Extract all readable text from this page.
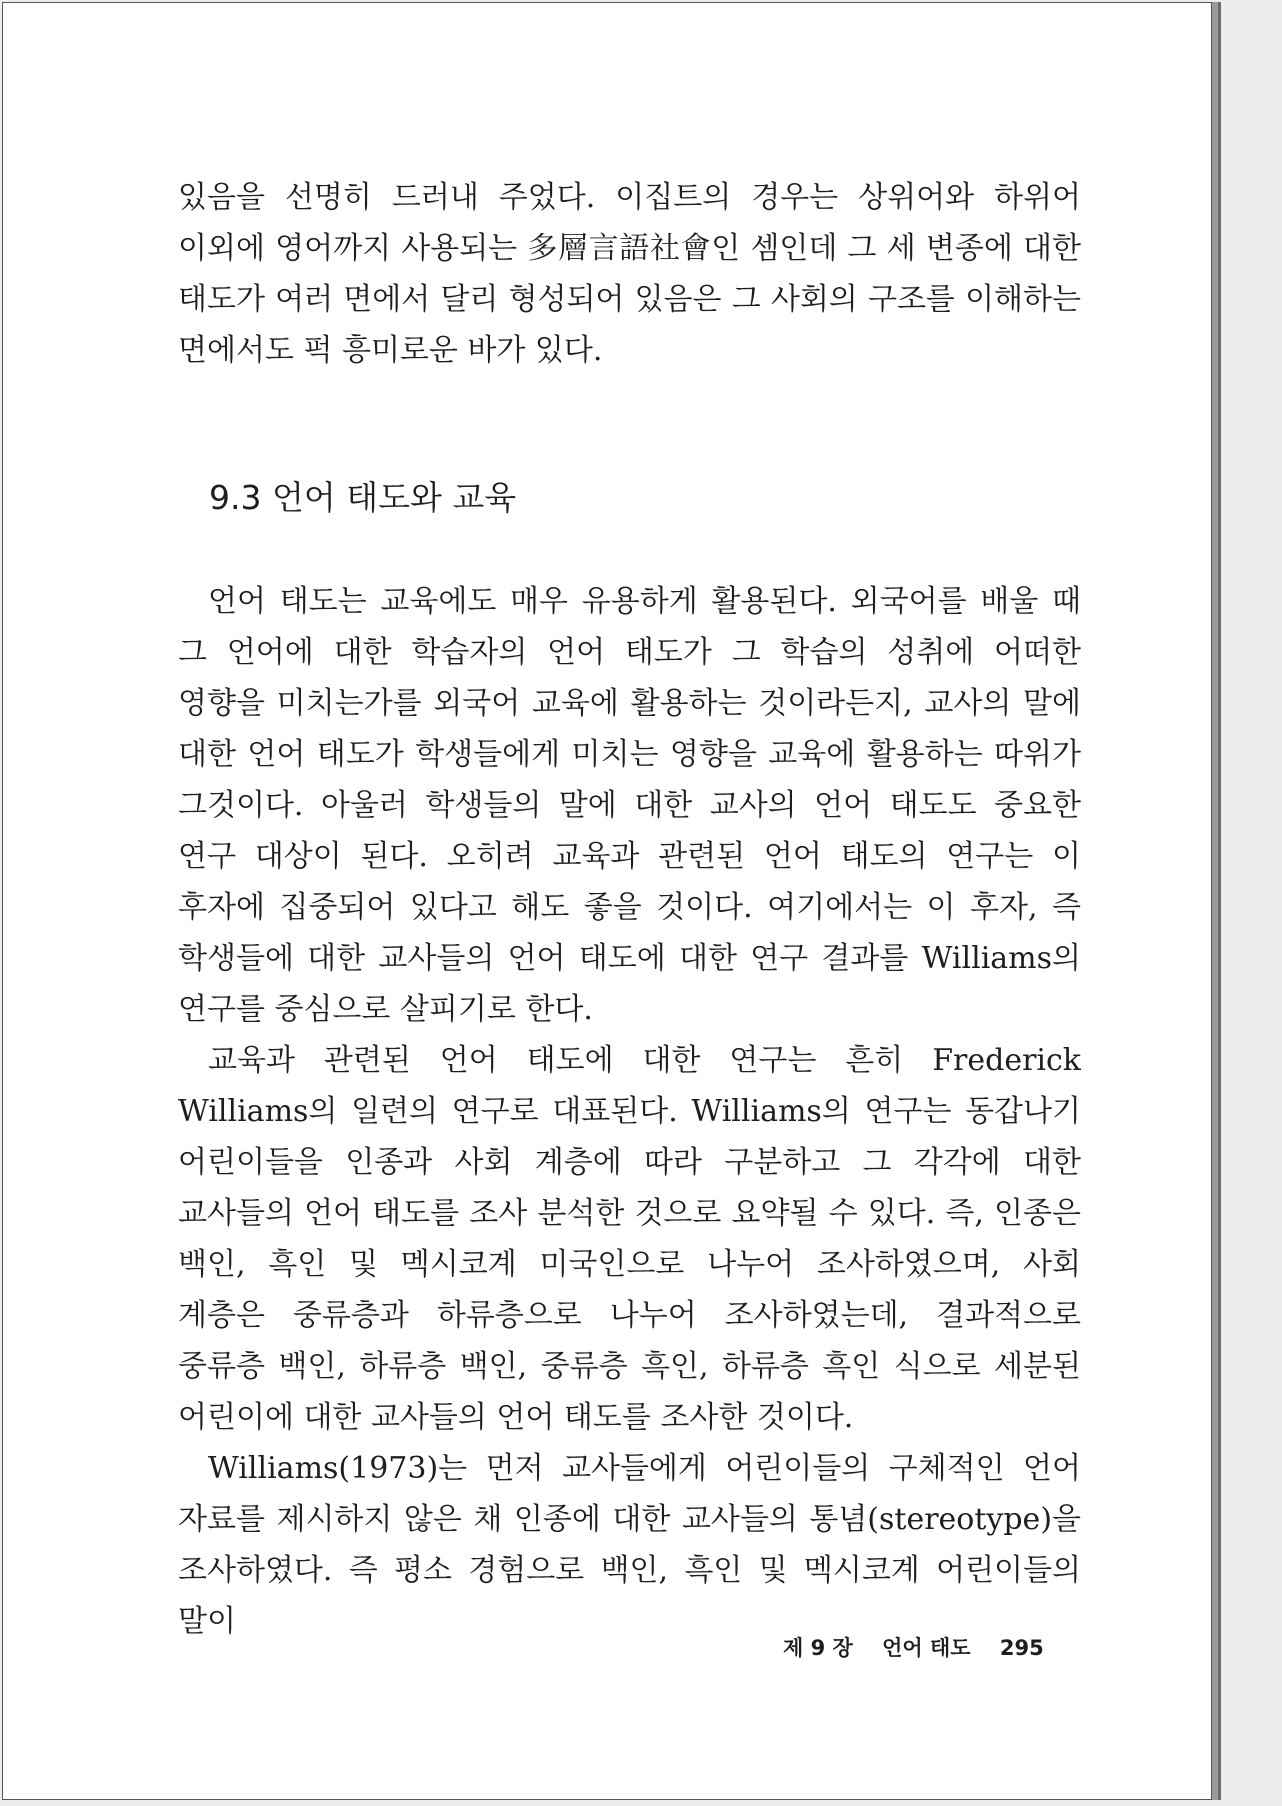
있음을 선명히 드러내 주었다. 이집트의 경우는 상위어와 하위어 이외에 영어까지 사용되는 多層言語社會인 셈인데 그 세 변종에 대한 태도가 여러 면에서 달리 형성되어 있음은 그 사회의 구조를 이해하는 면에서도 퍽 흥미로운 바가 있다.

9.3 언어 태도와 교육

언어 태도는 교육에도 매우 유용하게 활용된다. 외국어를 배울 때 그 언어에 대한 학습자의 언어 태도가 그 학습의 성취에 어떠한 영향을 미치는가를 외국어 교육에 활용하는 것이라든지, 교사의 말에 대한 언어 태도가 학생들에게 미치는 영향을 교육에 활용하는 따위가 그것이다. 아울러 학생들의 말에 대한 교사의 언어 태도도 중요한 연구 대상이 된다. 오히려 교육과 관련된 언어 태도의 연구는 이 후자에 집중되어 있다고 해도 좋을 것이다. 여기에서는 이 후자, 즉 학생들에 대한 교사들의 언어 태도에 대한 연구 결과를 Williams의 연구를 중심으로 살피기로 한다.

교육과 관련된 언어 태도에 대한 연구는 흔히 Frederick Williams의 일련의 연구로 대표된다. Williams의 연구는 동갑나기 어린이들을 인종과 사회 계층에 따라 구분하고 그 각각에 대한 교사들의 언어 태도를 조사 분석한 것으로 요약될 수 있다. 즉, 인종은 백인, 흑인 및 멕시코계 미국인으로 나누어 조사하였으며, 사회 계층은 중류층과 하류층으로 나누어 조사하였는데, 결과적으로 중류층 백인, 하류층 백인, 중류층 흑인, 하류층 흑인 식으로 세분된 어린이에 대한 교사들의 언어 태도를 조사한 것이다.

Williams(1973)는 먼저 교사들에게 어린이들의 구체적인 언어 자료를 제시하지 않은 채 인종에 대한 교사들의 통념(stereotype)을 조사하였다. 즉 평소 경험으로 백인, 흑인 및 멕시코계 어린이들의 말이

제 9 장 언어 태도 295
